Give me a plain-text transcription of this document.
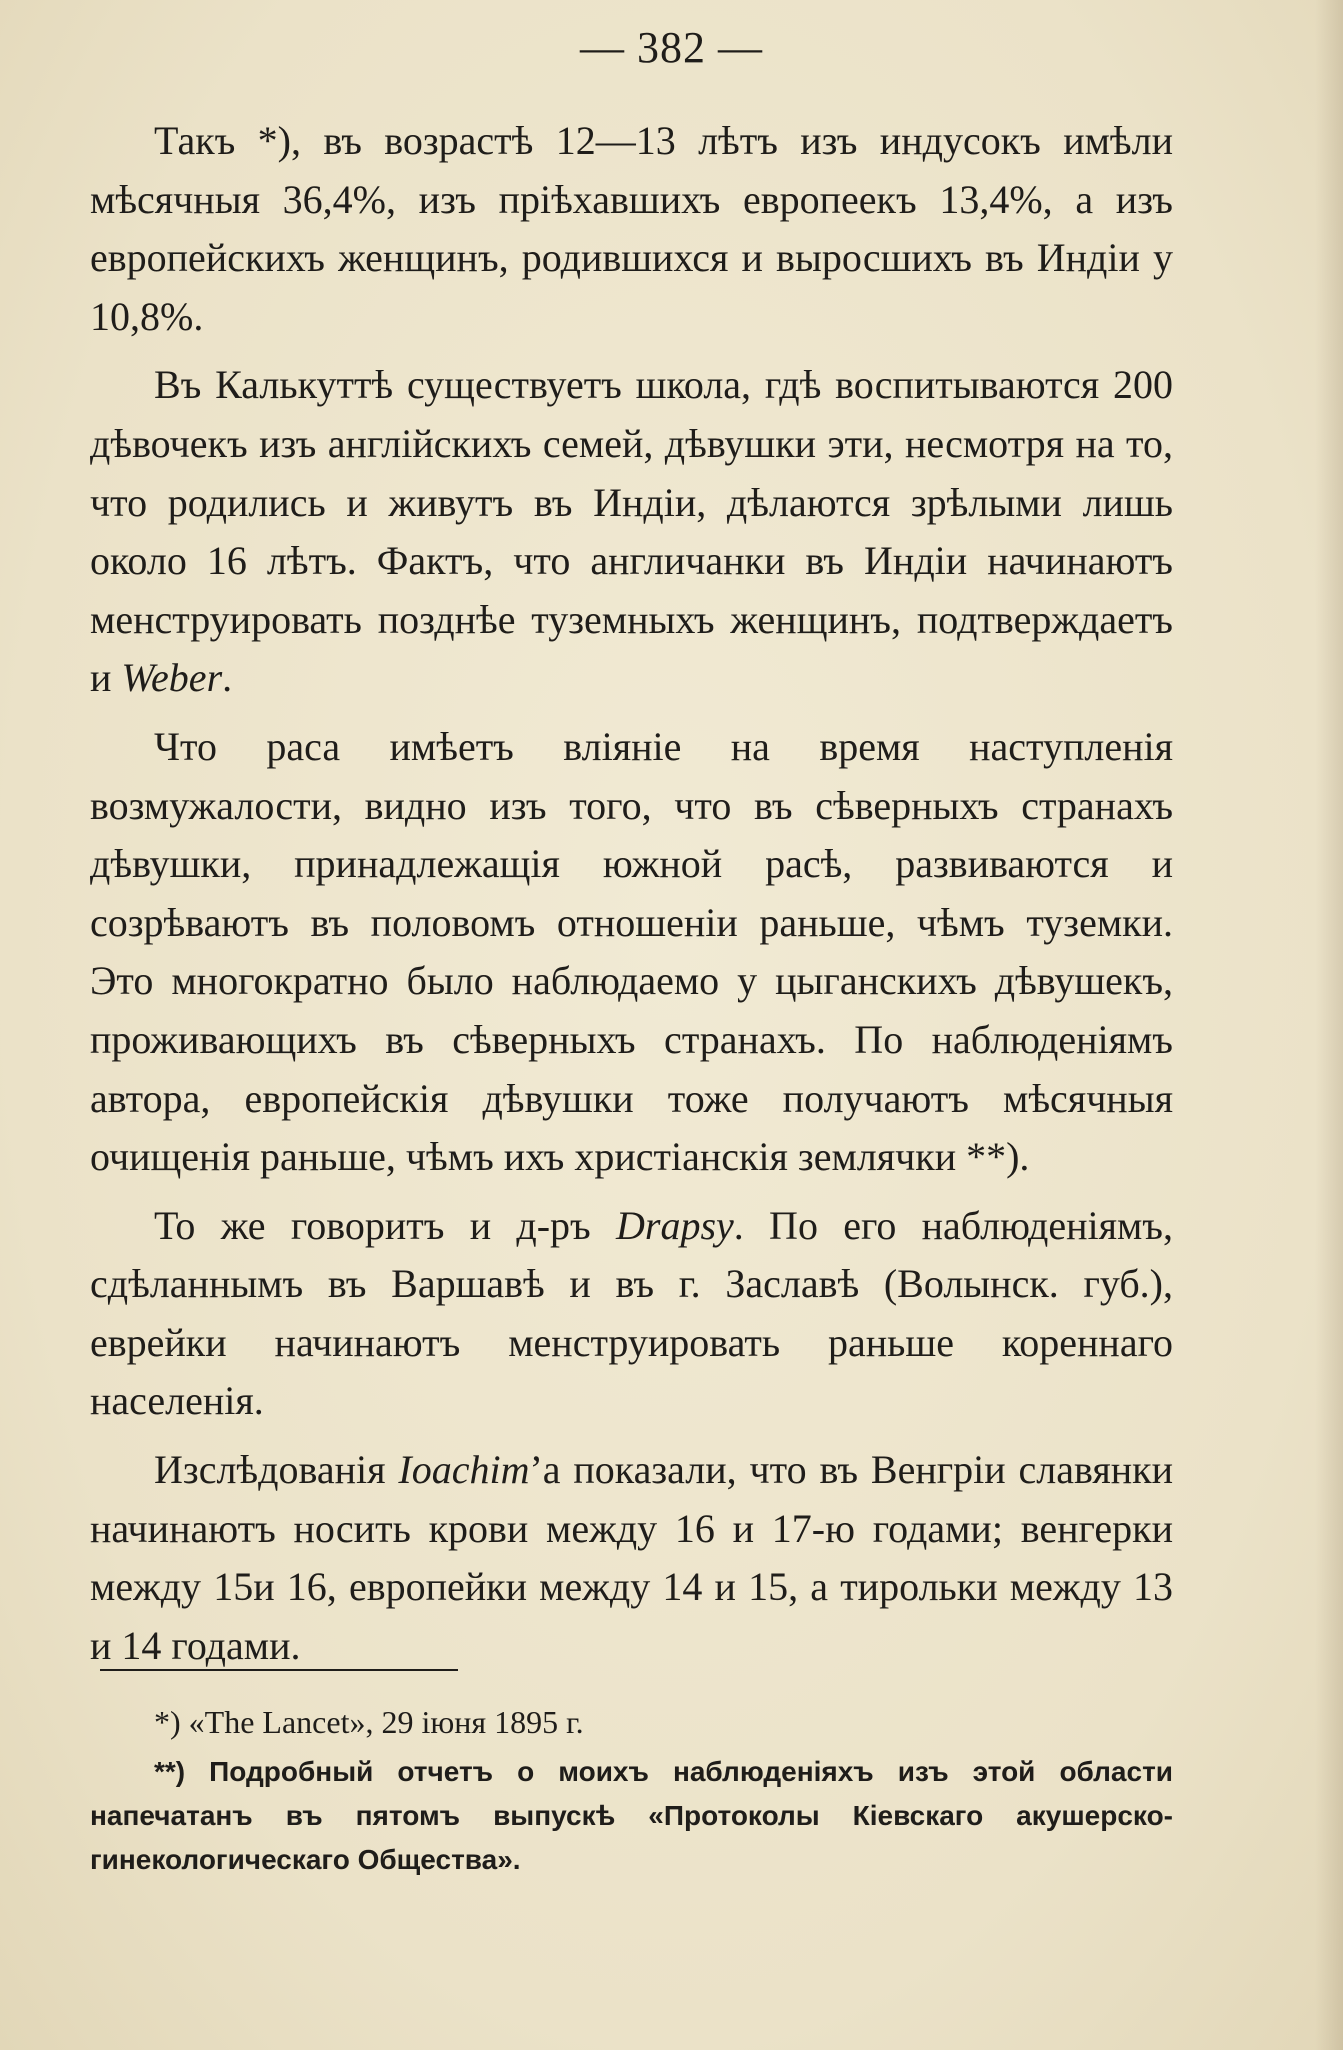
— 382 —

Такъ *), въ возрастѣ 12—13 лѣтъ изъ индусокъ имѣли мѣсячныя 36,4%, изъ пріѣхавшихъ европеекъ 13,4%, а изъ европейскихъ женщинъ, родившихся и выросшихъ въ Индіи у 10,8%.

Въ Калькуттѣ существуетъ школа, гдѣ воспитываются 200 дѣвочекъ изъ англійскихъ семей, дѣвушки эти, несмотря на то, что родились и живутъ въ Индіи, дѣлаются зрѣлыми лишь около 16 лѣтъ. Фактъ, что англичанки въ Индіи начинаютъ менструировать позднѣе туземныхъ женщинъ, подтверждаетъ и Weber.

Что раса имѣетъ вліяніе на время наступленія возмужалости, видно изъ того, что въ сѣверныхъ странахъ дѣвушки, принадлежащія южной расѣ, развиваются и созрѣваютъ въ половомъ отношеніи раньше, чѣмъ туземки. Это многократно было наблюдаемо у цыганскихъ дѣвушекъ, проживающихъ въ сѣверныхъ странахъ. По наблюденіямъ автора, европейскія дѣвушки тоже получаютъ мѣсячныя очищенія раньше, чѣмъ ихъ христіанскія землячки **).

То же говоритъ и д-ръ Drapsy. По его наблюденіямъ, сдѣланнымъ въ Варшавѣ и въ г. Заславѣ (Волынск. губ.), еврейки начинаютъ менструировать раньше кореннаго населенія.

Изслѣдованія Ioachim’а показали, что въ Венгріи славянки начинаютъ носить крови между 16 и 17-ю годами; венгерки между 15и 16, европейки между 14 и 15, а тирольки между 13 и 14 годами.

*) «The Lancet», 29 іюня 1895 г.

**) Подробный отчетъ о моихъ наблюденіяхъ изъ этой области напечатанъ въ пятомъ выпускѣ «Протоколы Кіевскаго акушерско-гинекологическаго Общества».
